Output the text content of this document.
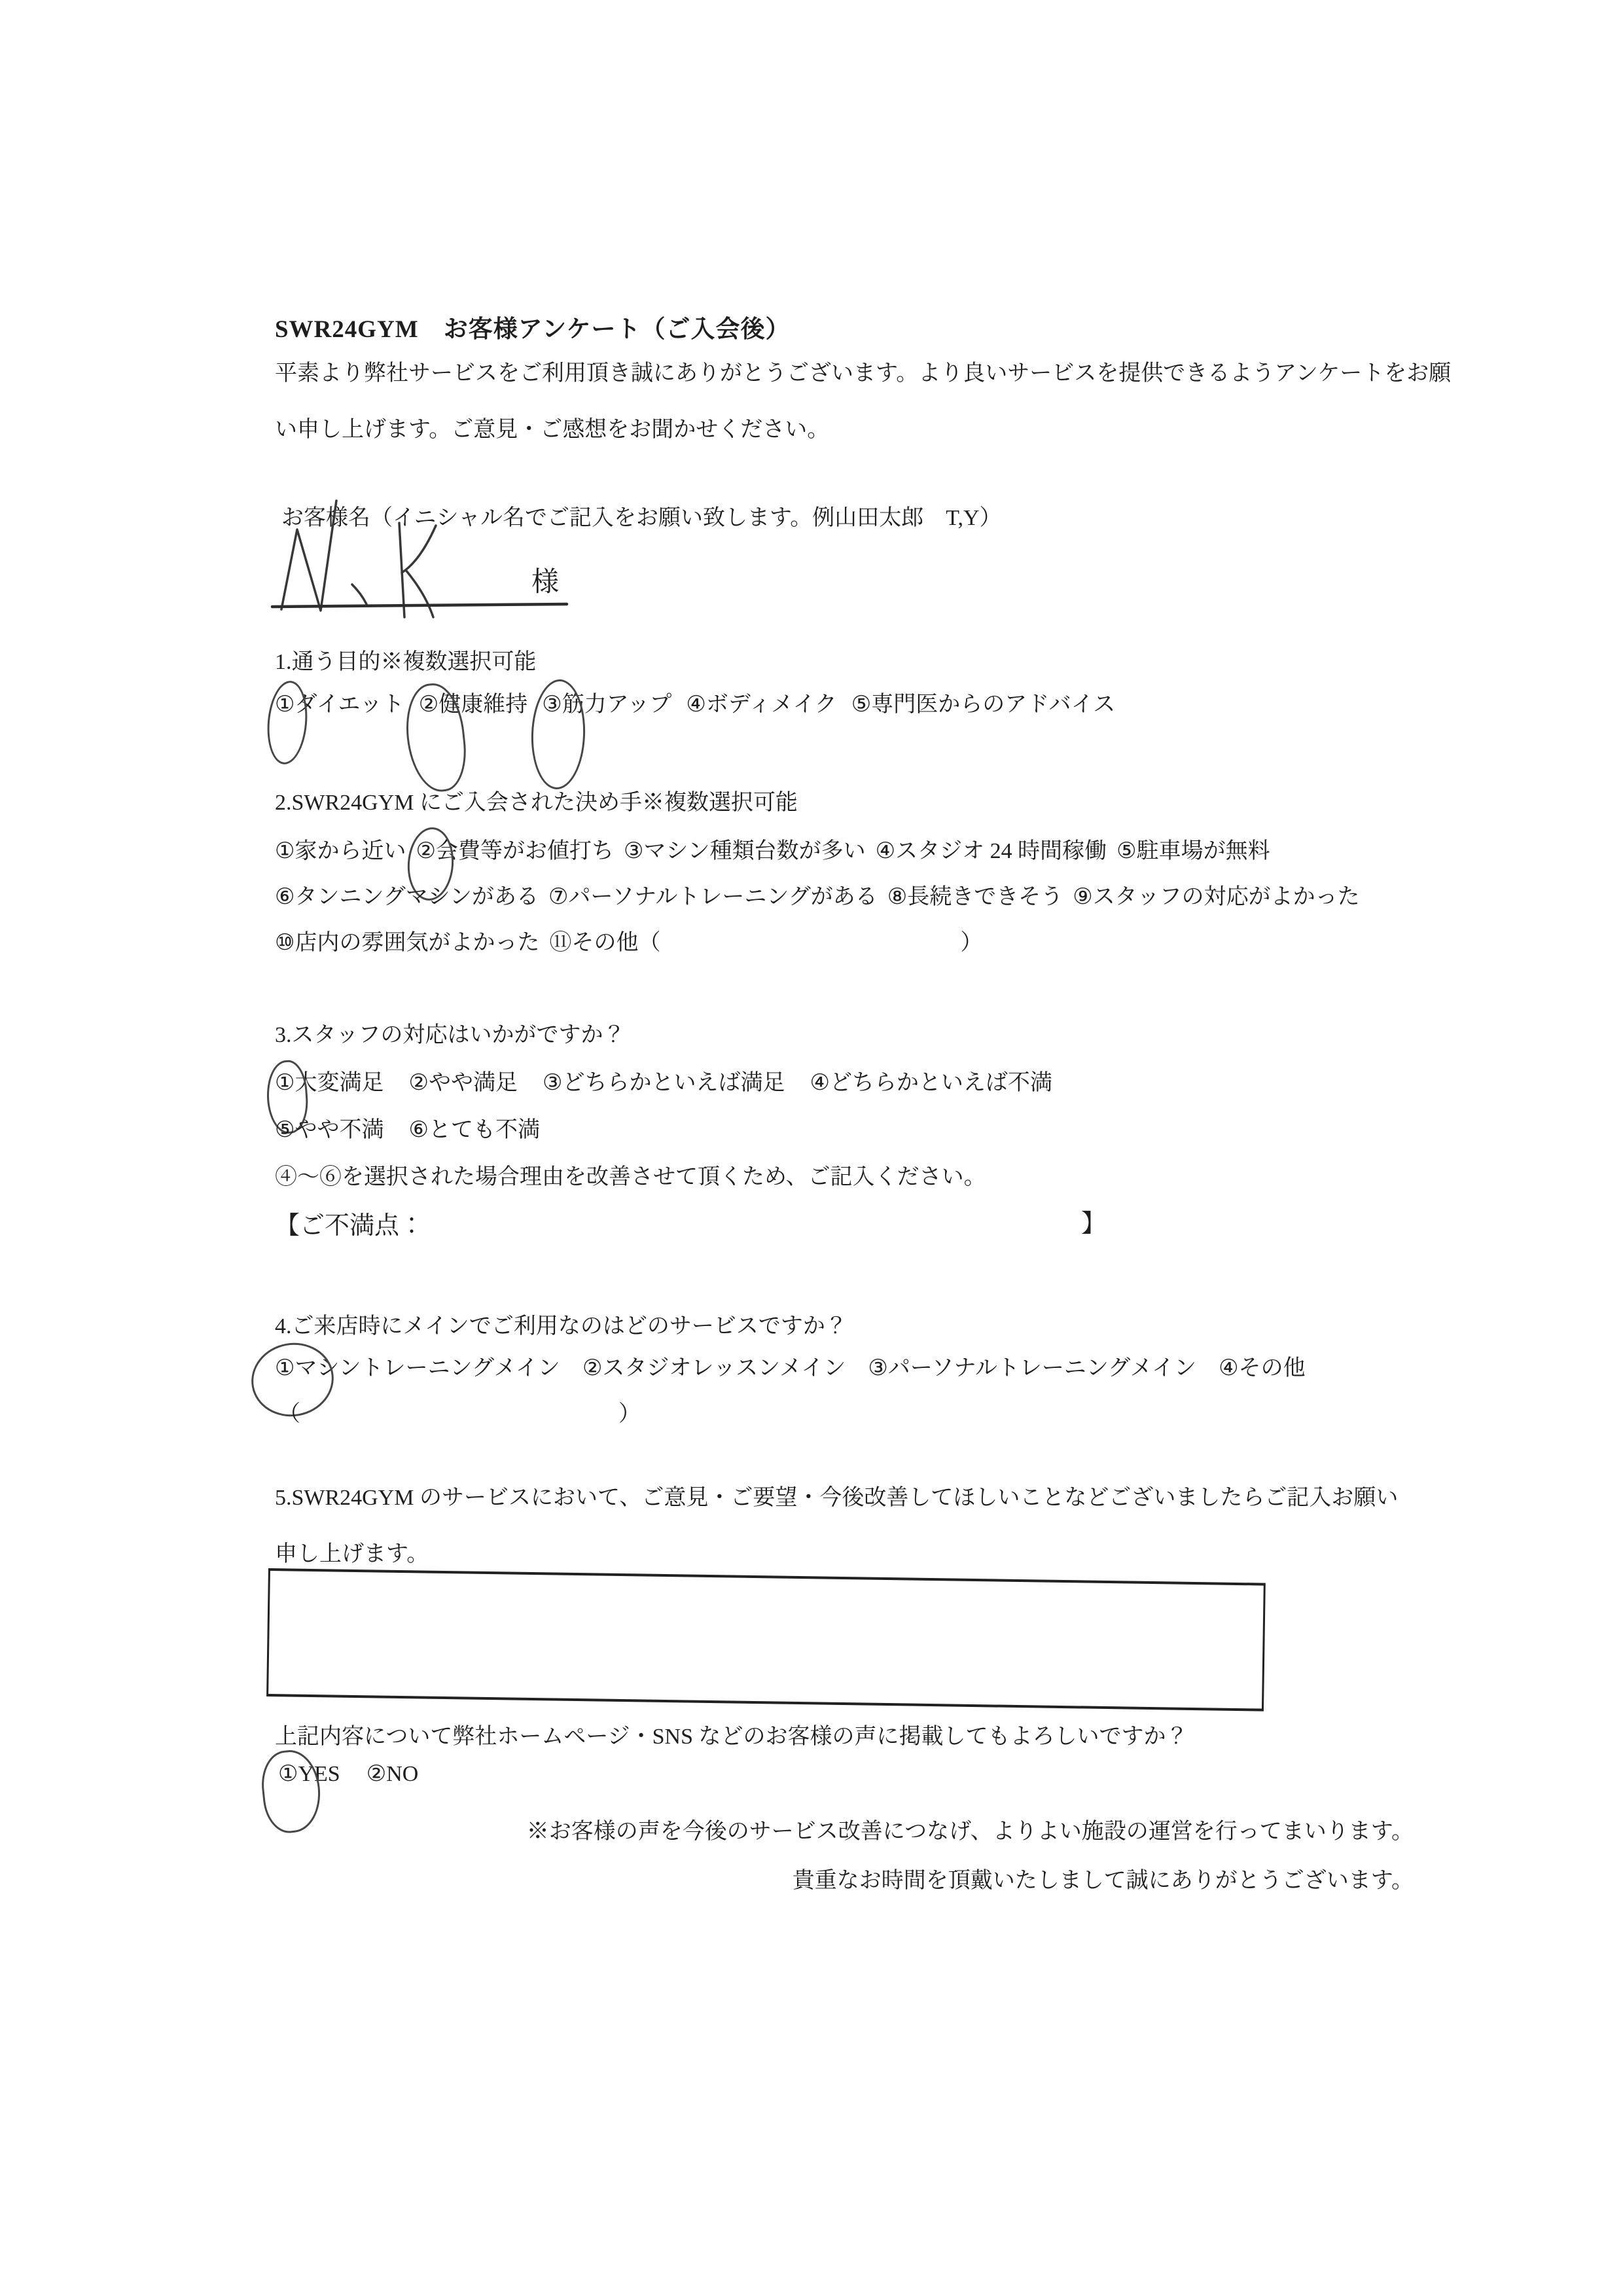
SWR24GYM　お客様アンケート（ご入会後）
平素より弊社サービスをご利用頂き誠にありがとうございます。より良いサービスを提供できるようアンケートをお願い申し上げます。ご意見・ご感想をお聞かせください。
お客様名（イニシャル名でご記入をお願い致します。例山田太郎　T,Y）
様
1.通う目的※複数選択可能
①ダイエット ②健康維持 ③筋力アップ ④ボディメイク ⑤専門医からのアドバイス
2.SWR24GYM にご入会された決め手※複数選択可能
①家から近い ②会費等がお値打ち ③マシン種類台数が多い ④スタジオ 24 時間稼働 ⑤駐車場が無料
⑥タンニングマシンがある ⑦パーソナルトレーニングがある ⑧長続きできそう ⑨スタッフの対応がよかった
⑩店内の雰囲気がよかった ⑪その他（	）
3.スタッフの対応はいかがですか？
①大変満足 ②やや満足 ③どちらかといえば満足 ④どちらかといえば不満
⑤やや不満 ⑥とても不満
④～⑥を選択された場合理由を改善させて頂くため、ご記入ください。
【ご不満点：	】
4.ご来店時にメインでご利用なのはどのサービスですか？
①マシントレーニングメイン ②スタジオレッスンメイン ③パーソナルトレーニングメイン ④その他
（	）
5.SWR24GYM のサービスにおいて、ご意見・ご要望・今後改善してほしいことなどございましたらご記入お願い申し上げます。
上記内容について弊社ホームページ・SNS などのお客様の声に掲載してもよろしいですか？
①YES ②NO
※お客様の声を今後のサービス改善につなげ、よりよい施設の運営を行ってまいります。
貴重なお時間を頂戴いたしまして誠にありがとうございます。
